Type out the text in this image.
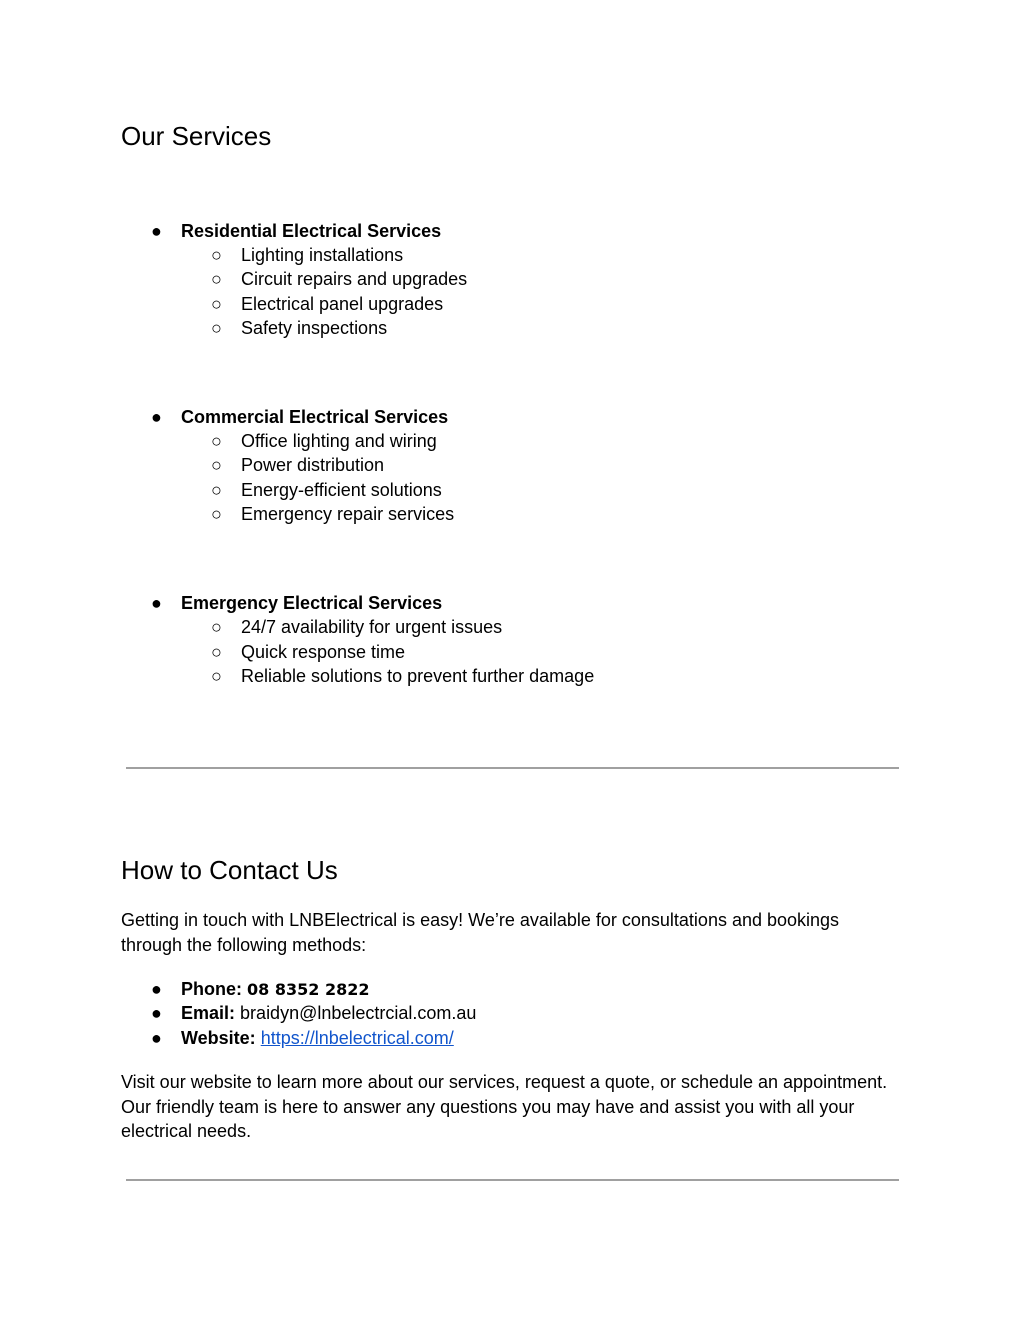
Our Services
● Residential Electrical Services
○ Lighting installations
○ Circuit repairs and upgrades
○ Electrical panel upgrades
○ Safety inspections
● Commercial Electrical Services
○ Office lighting and wiring
○ Power distribution
○ Energy-efficient solutions
○ Emergency repair services
● Emergency Electrical Services
○ 24/7 availability for urgent issues
○ Quick response time
○ Reliable solutions to prevent further damage
How to Contact Us
Getting in touch with LNBElectrical is easy! We’re available for consultations and bookings
through the following methods:
● Phone: 08 8352 2822
● Email: braidyn@lnbelectrcial.com.au
● Website: https://lnbelectrical.com/
Visit our website to learn more about our services, request a quote, or schedule an appointment.
Our friendly team is here to answer any questions you may have and assist you with all your
electrical needs.
